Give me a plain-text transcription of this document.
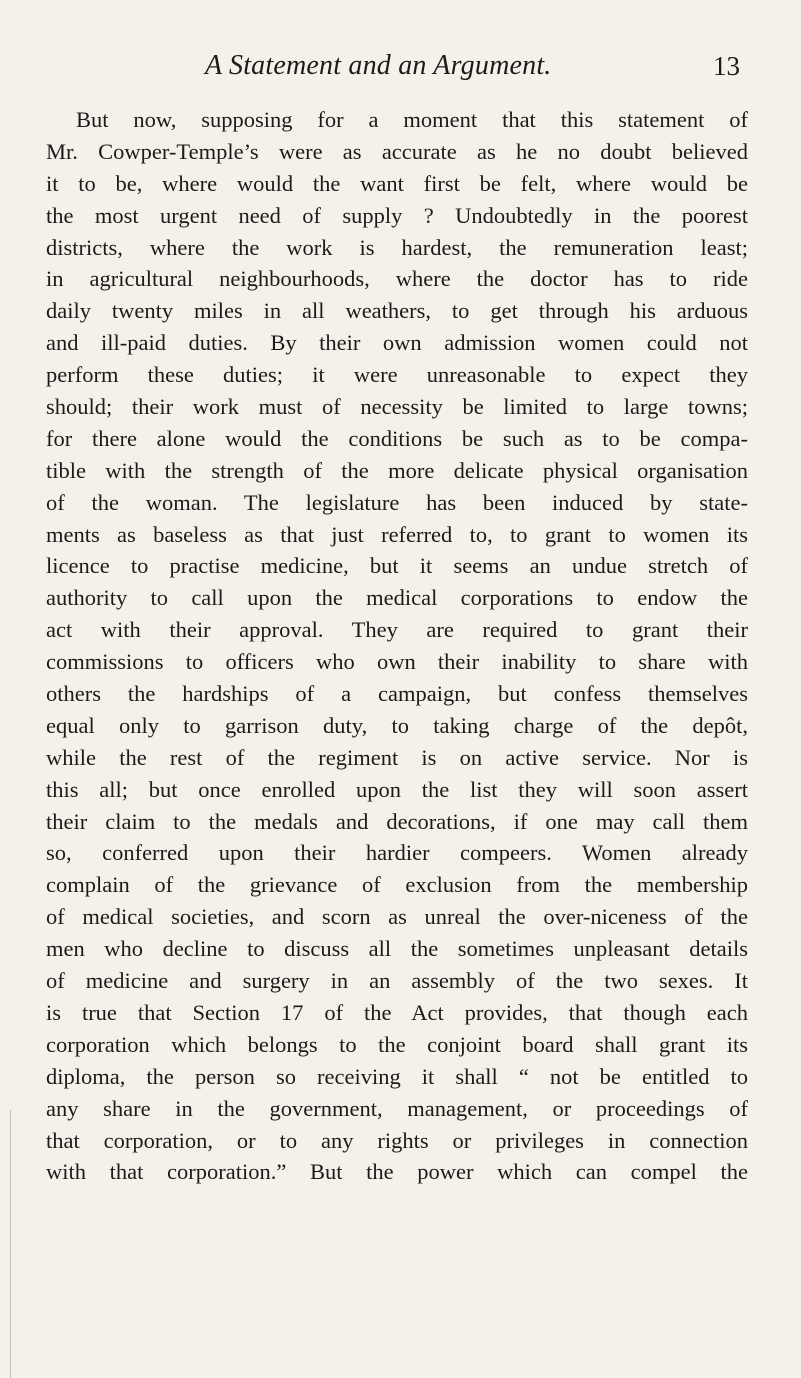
A Statement and an Argument.	13
But now, supposing for a moment that this statement of
Mr. Cowper-Temple’s were as accurate as he no doubt believed
it to be, where would the want first be felt, where would be
the most urgent need of supply ? Undoubtedly in the poorest
districts, where the work is hardest, the remuneration least;
in agricultural neighbourhoods, where the doctor has to ride
daily twenty miles in all weathers, to get through his arduous
and ill-paid duties. By their own admission women could not
perform these duties; it were unreasonable to expect they
should; their work must of necessity be limited to large towns;
for there alone would the conditions be such as to be compa-
tible with the strength of the more delicate physical organisation
of the woman. The legislature has been induced by state-
ments as baseless as that just referred to, to grant to women its
licence to practise medicine, but it seems an undue stretch of
authority to call upon the medical corporations to endow the
act with their approval. They are required to grant their
commissions to officers who own their inability to share with
others the hardships of a campaign, but confess themselves
equal only to garrison duty, to taking charge of the depôt,
while the rest of the regiment is on active service. Nor is
this all; but once enrolled upon the list they will soon assert
their claim to the medals and decorations, if one may call them
so, conferred upon their hardier compeers. Women already
complain of the grievance of exclusion from the membership
of medical societies, and scorn as unreal the over-niceness of the
men who decline to discuss all the sometimes unpleasant details
of medicine and surgery in an assembly of the two sexes. It
is true that Section 17 of the Act provides, that though each
corporation which belongs to the conjoint board shall grant its
diploma, the person so receiving it shall “ not be entitled to
any share in the government, management, or proceedings of
that corporation, or to any rights or privileges in connection
with that corporation.” But the power which can compel the
